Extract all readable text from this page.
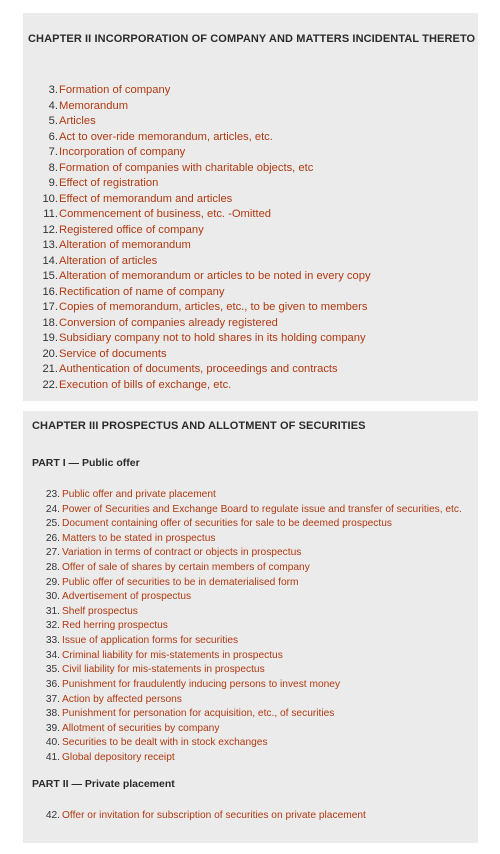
CHAPTER II INCORPORATION OF COMPANY AND MATTERS INCIDENTAL THERETO
3. Formation of company
4. Memorandum
5. Articles
6. Act to over-ride memorandum, articles, etc.
7. Incorporation of company
8. Formation of companies with charitable objects, etc
9. Effect of registration
10. Effect of memorandum and articles
11. Commencement of business, etc. -Omitted
12. Registered office of company
13. Alteration of memorandum
14. Alteration of articles
15. Alteration of memorandum or articles to be noted in every copy
16. Rectification of name of company
17. Copies of memorandum, articles, etc., to be given to members
18. Conversion of companies already registered
19. Subsidiary company not to hold shares in its holding company
20. Service of documents
21. Authentication of documents, proceedings and contracts
22. Execution of bills of exchange, etc.
CHAPTER III PROSPECTUS AND ALLOTMENT OF SECURITIES
PART I — Public offer
23. Public offer and private placement
24. Power of Securities and Exchange Board to regulate issue and transfer of securities, etc.
25. Document containing offer of securities for sale to be deemed prospectus
26. Matters to be stated in prospectus
27. Variation in terms of contract or objects in prospectus
28. Offer of sale of shares by certain members of company
29. Public offer of securities to be in dematerialised form
30. Advertisement of prospectus
31. Shelf prospectus
32. Red herring prospectus
33. Issue of application forms for securities
34. Criminal liability for mis-statements in prospectus
35. Civil liability for mis-statements in prospectus
36. Punishment for fraudulently inducing persons to invest money
37. Action by affected persons
38. Punishment for personation for acquisition, etc., of securities
39. Allotment of securities by company
40. Securities to be dealt with in stock exchanges
41. Global depository receipt
PART II — Private placement
42. Offer or invitation for subscription of securities on private placement
